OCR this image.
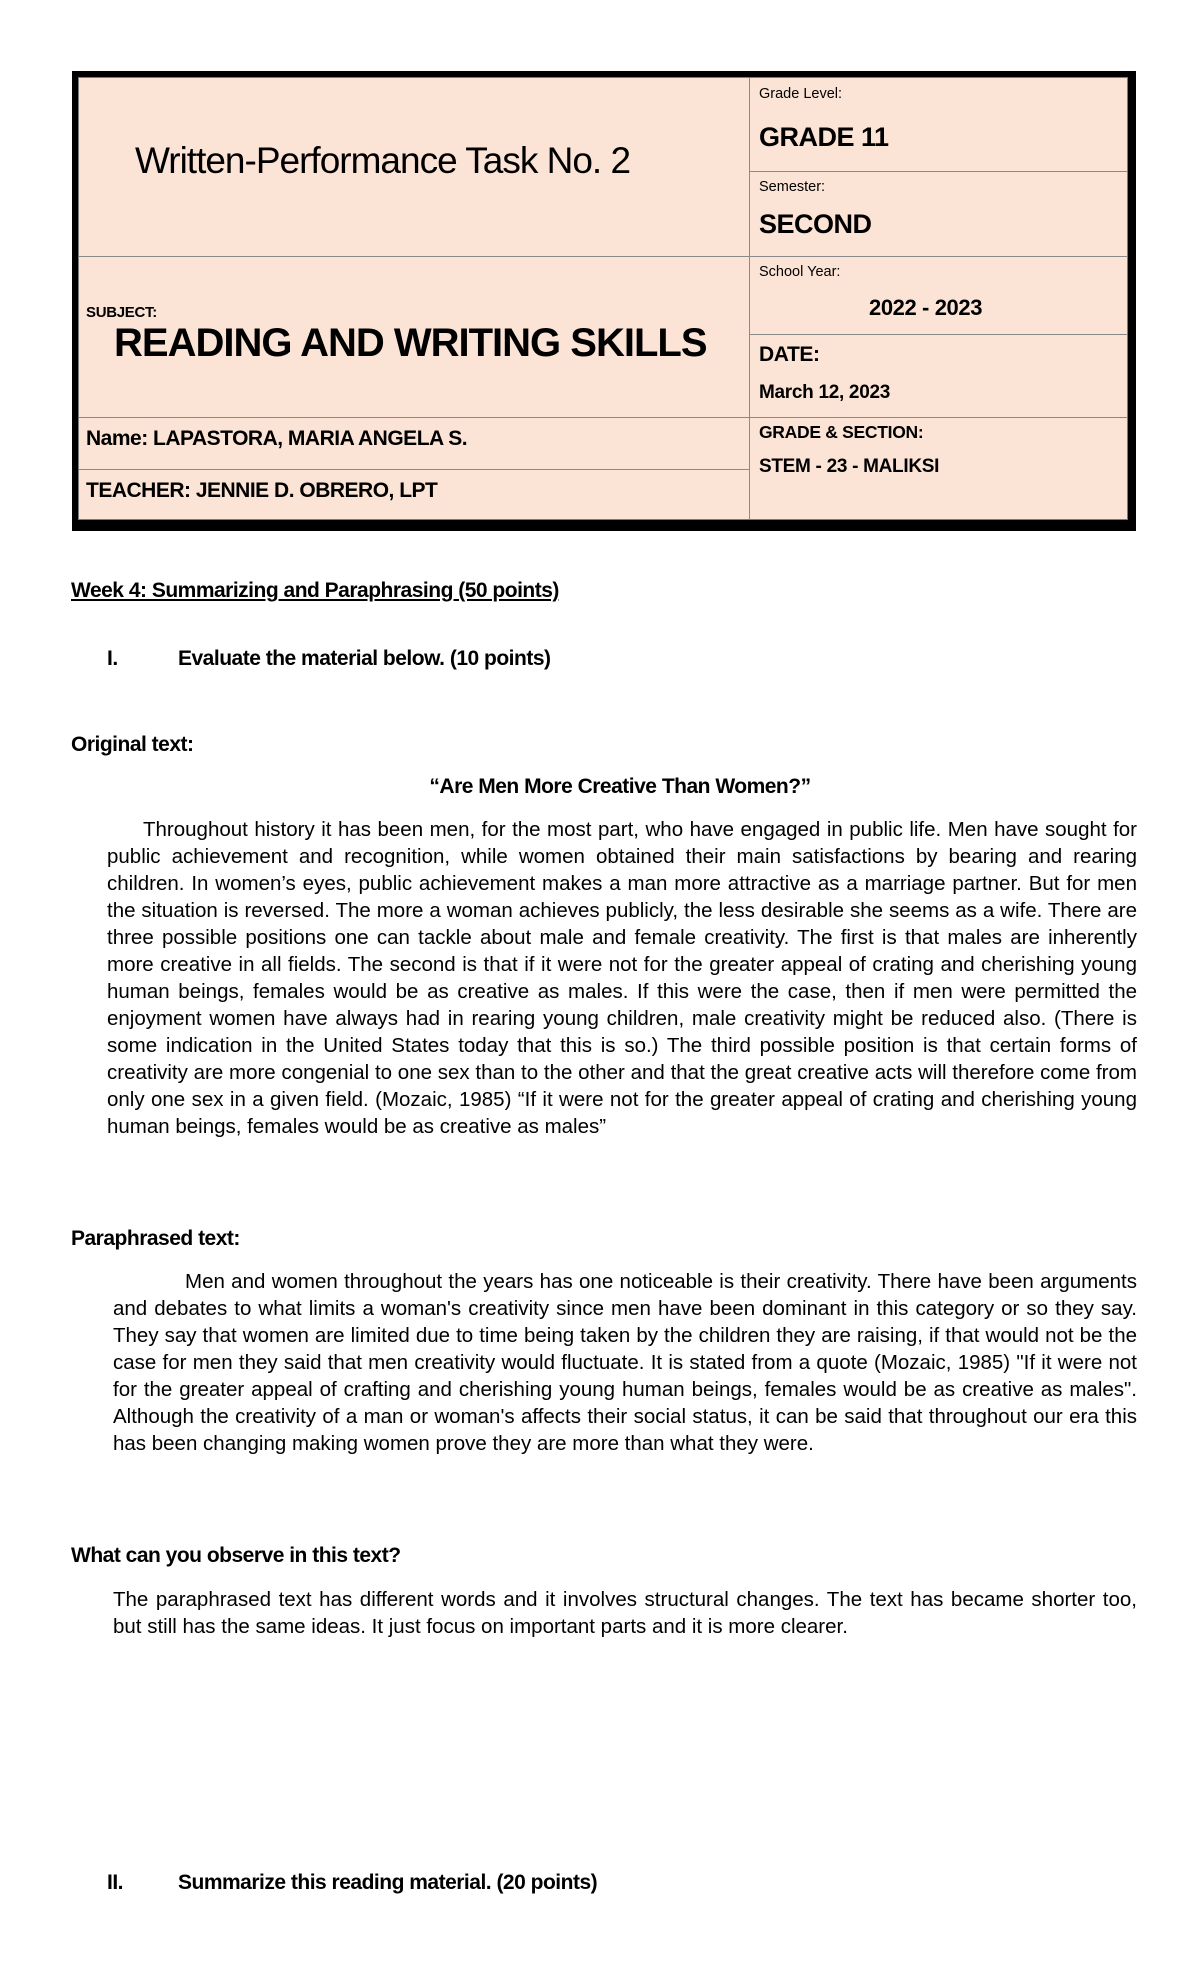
Written-Performance Task No. 2
SUBJECT:
READING AND WRITING SKILLS
Name: LAPASTORA, MARIA ANGELA S.
TEACHER: JENNIE D. OBRERO, LPT
Grade Level:
GRADE 11
Semester:
SECOND
School Year:
2022 - 2023
DATE:
March 12, 2023
GRADE & SECTION:
STEM - 23 - MALIKSI
Week 4: Summarizing and Paraphrasing (50 points)
I.	Evaluate the material below. (10 points)
Original text:
“Are Men More Creative Than Women?”
Throughout history it has been men, for the most part, who have engaged in public life. Men have sought for public achievement and recognition, while women obtained their main satisfactions by bearing and rearing children. In women’s eyes, public achievement makes a man more attractive as a marriage partner. But for men the situation is reversed. The more a woman achieves publicly, the less desirable she seems as a wife. There are three possible positions one can tackle about male and female creativity. The first is that males are inherently more creative in all fields. The second is that if it were not for the greater appeal of crating and cherishing young human beings, females would be as creative as males. If this were the case, then if men were permitted the enjoyment women have always had in rearing young children, male creativity might be reduced also. (There is some indication in the United States today that this is so.) The third possible position is that certain forms of creativity are more congenial to one sex than to the other and that the great creative acts will therefore come from only one sex in a given field. (Mozaic, 1985) “If it were not for the greater appeal of crating and cherishing young human beings, females would be as creative as males”
Paraphrased text:
Men and women throughout the years has one noticeable is their creativity. There have been arguments and debates to what limits a woman's creativity since men have been dominant in this category or so they say. They say that women are limited due to time being taken by the children they are raising, if that would not be the case for men they said that men creativity would fluctuate. It is stated from a quote (Mozaic, 1985) "If it were not for the greater appeal of crafting and cherishing young human beings, females would be as creative as males". Although the creativity of a man or woman's affects their social status, it can be said that throughout our era this has been changing making women prove they are more than what they were.
What can you observe in this text?
The paraphrased text has different words and it involves structural changes. The text has became shorter too, but still has the same ideas. It just focus on important parts and it is more clearer.
II.	Summarize this reading material. (20 points)
